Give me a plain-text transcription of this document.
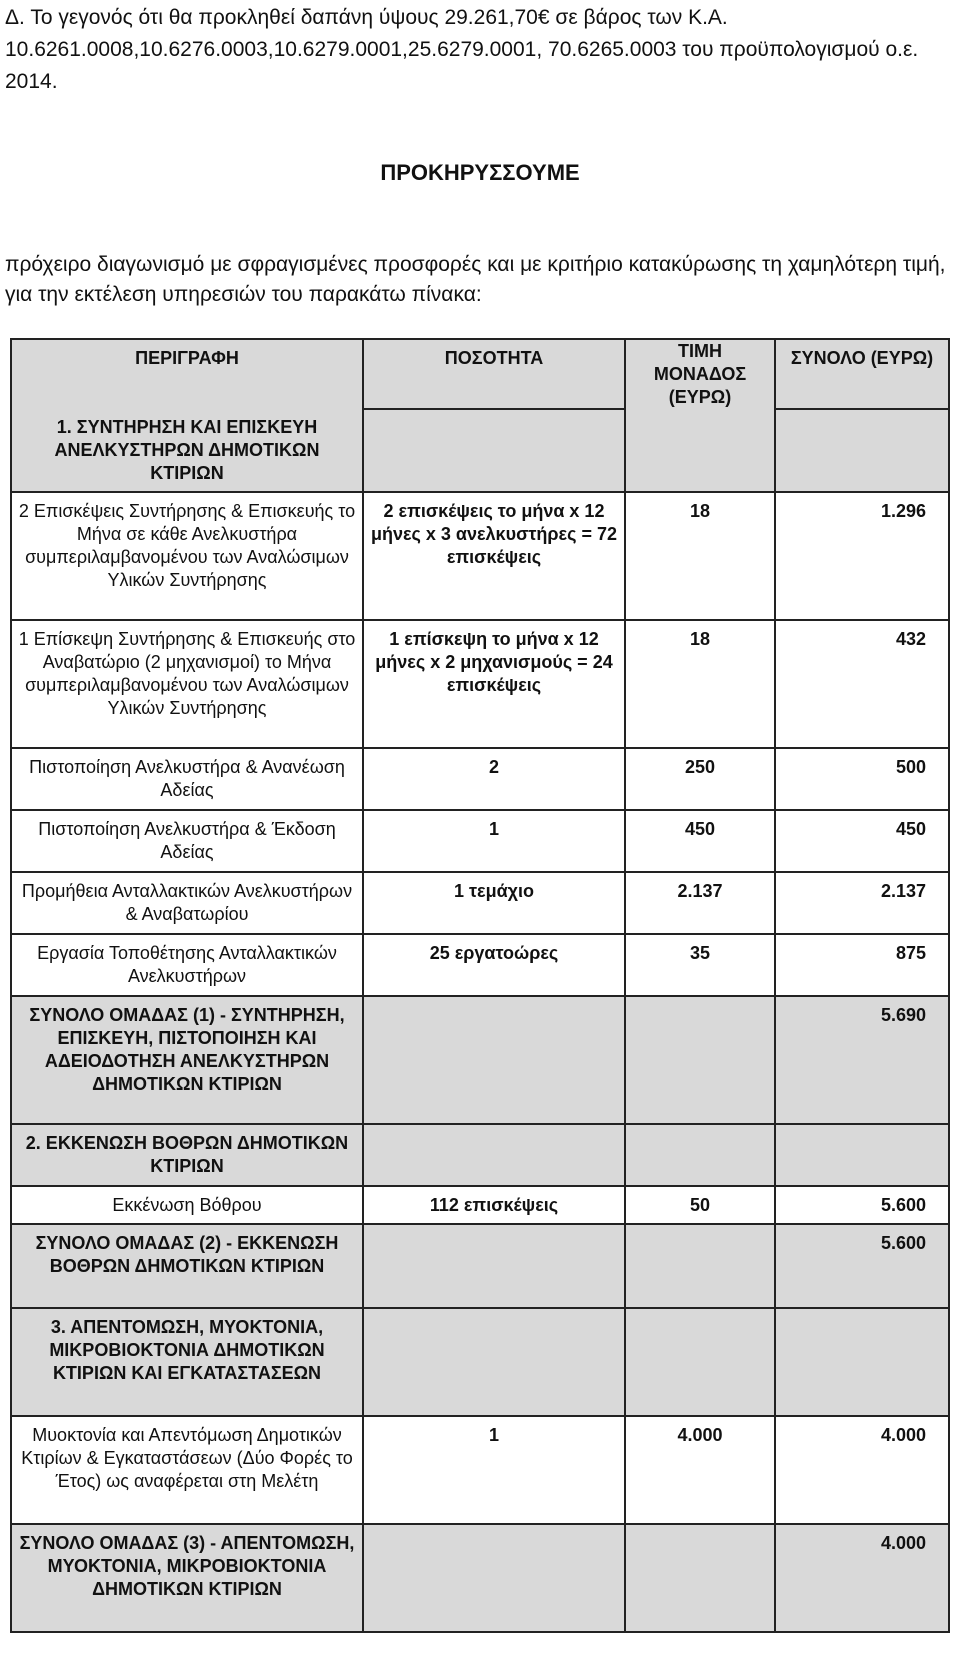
Δ. Το γεγονός ότι θα προκληθεί δαπάνη ύψους 29.261,70€ σε βάρος των Κ.Α. 10.6261.0008,10.6276.0003,10.6279.0001,25.6279.0001, 70.6265.0003 του προϋπολογισμού ο.ε. 2014.

ΠΡΟΚΗΡΥΣΣΟΥΜΕ

πρόχειρο διαγωνισμό με σφραγισμένες προσφορές και με κριτήριο κατακύρωσης τη χαμηλότερη τιμή, για την εκτέλεση υπηρεσιών του παρακάτω πίνακα:

ΠΕΡΙΓΡΑΦΗ	ΠΟΣΟΤΗΤΑ	ΤΙΜΗ ΜΟΝΑΔΟΣ (ΕΥΡΩ)	ΣΥΝΟΛΟ (ΕΥΡΩ)
1. ΣΥΝΤΗΡΗΣΗ ΚΑΙ ΕΠΙΣΚΕΥΗ ΑΝΕΛΚΥΣΤΗΡΩΝ ΔΗΜΟΤΙΚΩΝ ΚΤΙΡΙΩΝ			
2 Επισκέψεις Συντήρησης & Επισκευής το Μήνα σε κάθε Ανελκυστήρα συμπεριλαμβανομένου των Αναλώσιμων Υλικών Συντήρησης	2 επισκέψεις το μήνα x 12 μήνες x 3 ανελκυστήρες = 72 επισκέψεις	18	1.296
1 Επίσκεψη Συντήρησης & Επισκευής στο Αναβατώριο (2 μηχανισμοί) το Μήνα συμπεριλαμβανομένου των Αναλώσιμων Υλικών Συντήρησης	1 επίσκεψη το μήνα x 12 μήνες x 2 μηχανισμούς = 24 επισκέψεις	18	432
Πιστοποίηση Ανελκυστήρα & Ανανέωση Αδείας	2	250	500
Πιστοποίηση Ανελκυστήρα & Έκδοση Αδείας	1	450	450
Προμήθεια Ανταλλακτικών Ανελκυστήρων & Αναβατωρίου	1 τεμάχιο	2.137	2.137
Εργασία Τοποθέτησης Ανταλλακτικών Ανελκυστήρων	25 εργατοώρες	35	875
ΣΥΝΟΛΟ ΟΜΑΔΑΣ (1) - ΣΥΝΤΗΡΗΣΗ, ΕΠΙΣΚΕΥΗ, ΠΙΣΤΟΠΟΙΗΣΗ ΚΑΙ ΑΔΕΙΟΔΟΤΗΣΗ ΑΝΕΛΚΥΣΤΗΡΩΝ ΔΗΜΟΤΙΚΩΝ ΚΤΙΡΙΩΝ			5.690
2. ΕΚΚΕΝΩΣΗ ΒΟΘΡΩΝ ΔΗΜΟΤΙΚΩΝ ΚΤΙΡΙΩΝ			
Εκκένωση Βόθρου	112 επισκέψεις	50	5.600
ΣΥΝΟΛΟ ΟΜΑΔΑΣ (2) - ΕΚΚΕΝΩΣΗ ΒΟΘΡΩΝ ΔΗΜΟΤΙΚΩΝ ΚΤΙΡΙΩΝ			5.600
3. ΑΠΕΝΤΟΜΩΣΗ, ΜΥΟΚΤΟΝΙΑ, ΜΙΚΡΟΒΙΟΚΤΟΝΙΑ ΔΗΜΟΤΙΚΩΝ ΚΤΙΡΙΩΝ ΚΑΙ ΕΓΚΑΤΑΣΤΑΣΕΩΝ			
Μυοκτονία και Απεντόμωση Δημοτικών Κτιρίων & Εγκαταστάσεων (Δύο Φορές το Έτος) ως αναφέρεται στη Μελέτη	1	4.000	4.000
ΣΥΝΟΛΟ ΟΜΑΔΑΣ (3) - ΑΠΕΝΤΟΜΩΣΗ, ΜΥΟΚΤΟΝΙΑ, ΜΙΚΡΟΒΙΟΚΤΟΝΙΑ ΔΗΜΟΤΙΚΩΝ ΚΤΙΡΙΩΝ			4.000
